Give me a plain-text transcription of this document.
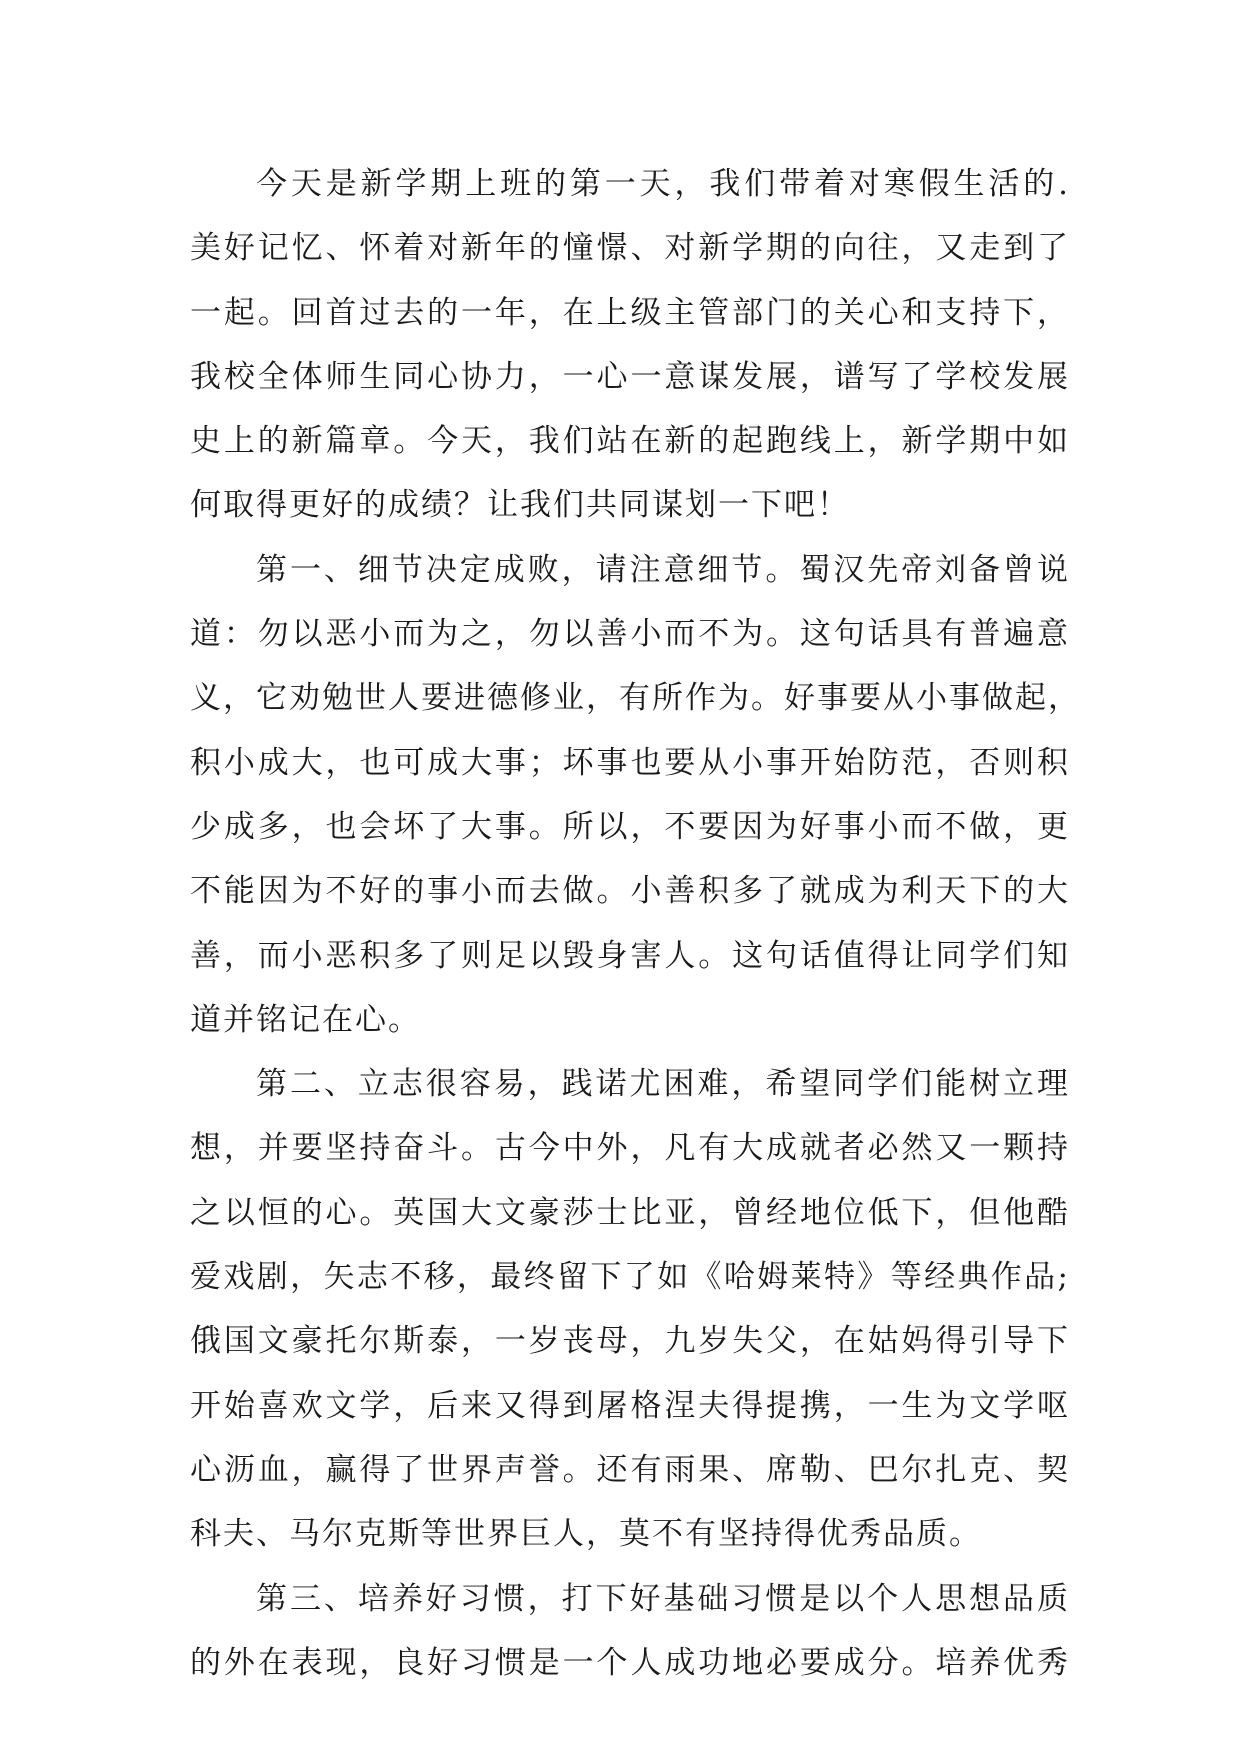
今天是新学期上班的第一天，我们带着对寒假生活的.
美好记忆、怀着对新年的憧憬、对新学期的向往，又走到了
一起。回首过去的一年，在上级主管部门的关心和支持下，
我校全体师生同心协力，一心一意谋发展，谱写了学校发展
史上的新篇章。今天，我们站在新的起跑线上，新学期中如
何取得更好的成绩？让我们共同谋划一下吧！
第一、细节决定成败，请注意细节。蜀汉先帝刘备曾说
道：勿以恶小而为之，勿以善小而不为。这句话具有普遍意
义，它劝勉世人要进德修业，有所作为。好事要从小事做起，
积小成大，也可成大事；坏事也要从小事开始防范，否则积
少成多，也会坏了大事。所以，不要因为好事小而不做，更
不能因为不好的事小而去做。小善积多了就成为利天下的大
善，而小恶积多了则足以毁身害人。这句话值得让同学们知
道并铭记在心。
第二、立志很容易，践诺尤困难，希望同学们能树立理
想，并要坚持奋斗。古今中外，凡有大成就者必然又一颗持
之以恒的心。英国大文豪莎士比亚，曾经地位低下，但他酷
爱戏剧，矢志不移，最终留下了如《哈姆莱特》等经典作品;
俄国文豪托尔斯泰，一岁丧母，九岁失父，在姑妈得引导下
开始喜欢文学，后来又得到屠格涅夫得提携，一生为文学呕
心沥血，赢得了世界声誉。还有雨果、席勒、巴尔扎克、契
科夫、马尔克斯等世界巨人，莫不有坚持得优秀品质。
第三、培养好习惯，打下好基础习惯是以个人思想品质
的外在表现，良好习惯是一个人成功地必要成分。培养优秀
